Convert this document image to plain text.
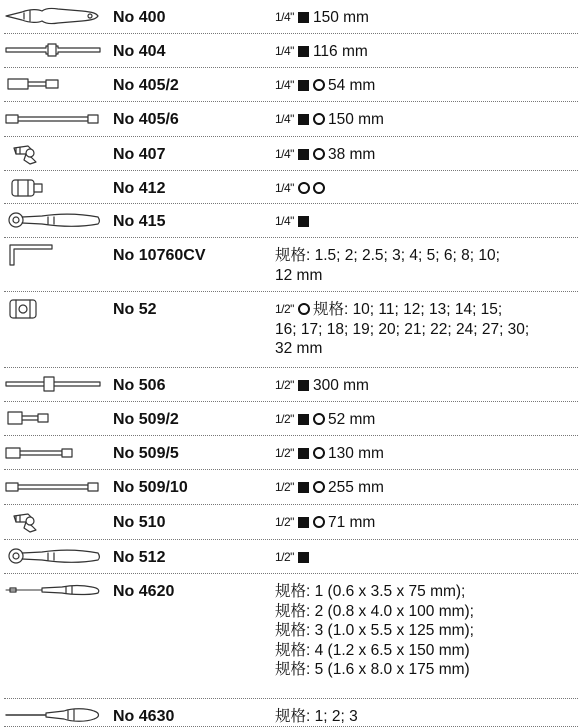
No 400	1/4" 150 mm
No 404	1/4" 116 mm
No 405/2	1/4" 54 mm
No 405/6	1/4" 150 mm
No 407	1/4" 38 mm
No 412	1/4"
No 415	1/4"
No 10760CV	规格: 1.5; 2; 2.5; 3; 4; 5; 6; 8; 10;
12 mm
No 52	1/2" 规格: 10; 11; 12; 13; 14; 15;
16; 17; 18; 19; 20; 21; 22; 24; 27; 30;
32 mm
No 506	1/2" 300 mm
No 509/2	1/2" 52 mm
No 509/5	1/2" 130 mm
No 509/10	1/2" 255 mm
No 510	1/2" 71 mm
No 512	1/2"
No 4620	规格: 1 (0.6 x 3.5 x 75 mm);
规格: 2 (0.8 x 4.0 x 100 mm);
规格: 3 (1.0 x 5.5 x 125 mm);
规格: 4 (1.2 x 6.5 x 150 mm)
规格: 5 (1.6 x 8.0 x 175 mm)
No 4630	规格: 1; 2; 3
